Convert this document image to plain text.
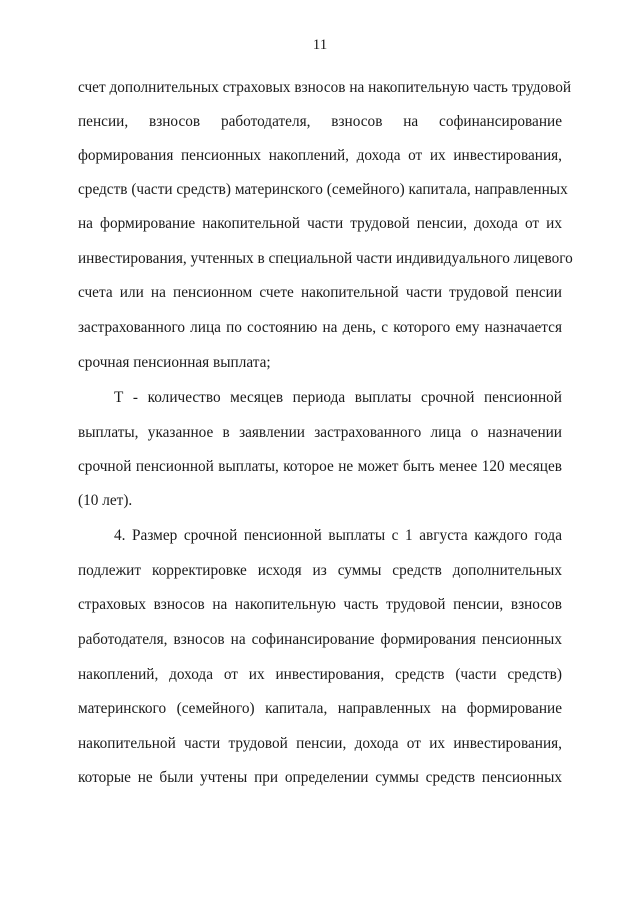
11
счет дополнительных страховых взносов на накопительную часть трудовой
пенсии, взносов работодателя, взносов на софинансирование
формирования пенсионных накоплений, дохода от их инвестирования,
средств (части средств) материнского (семейного) капитала, направленных
на формирование накопительной части трудовой пенсии, дохода от их
инвестирования, учтенных в специальной части индивидуального лицевого
счета или на пенсионном счете накопительной части трудовой пенсии
застрахованного лица по состоянию на день, с которого ему назначается
срочная пенсионная выплата;
Т - количество месяцев периода выплаты срочной пенсионной
выплаты, указанное в заявлении застрахованного лица о назначении
срочной пенсионной выплаты, которое не может быть менее 120 месяцев
(10 лет).
4. Размер срочной пенсионной выплаты с 1 августа каждого года
подлежит корректировке исходя из суммы средств дополнительных
страховых взносов на накопительную часть трудовой пенсии, взносов
работодателя, взносов на софинансирование формирования пенсионных
накоплений, дохода от их инвестирования, средств (части средств)
материнского (семейного) капитала, направленных на формирование
накопительной части трудовой пенсии, дохода от их инвестирования,
которые не были учтены при определении суммы средств пенсионных
